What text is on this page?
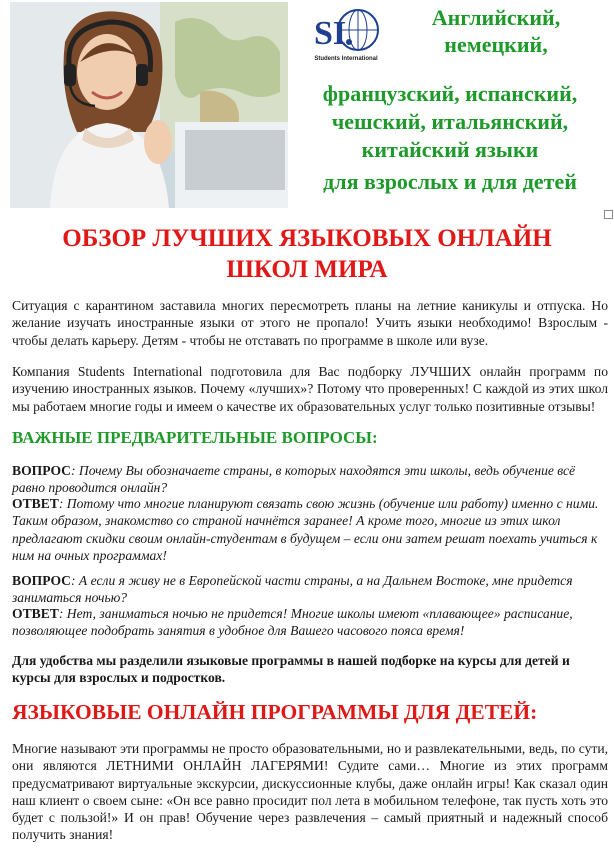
SI
Students International
Английский,
немецкий,
французский, испанский,
чешский, итальянский,
китайский языки
для взрослых и для детей
ОБЗОР ЛУЧШИХ ЯЗЫКОВЫХ ОНЛАЙН
ШКОЛ МИРА
Ситуация с карантином заставила многих пересмотреть планы на летние каникулы и отпуска. Но желание изучать иностранные языки от этого не пропало! Учить языки необходимо! Взрослым - чтобы делать карьеру. Детям - чтобы не отставать по программе в школе или вузе.
Компания Students International подготовила для Вас подборку ЛУЧШИХ онлайн программ по изучению иностранных языков. Почему «лучших»? Потому что проверенных! С каждой из этих школ мы работаем многие годы и имеем о качестве их образовательных услуг только позитивные отзывы!
ВАЖНЫЕ ПРЕДВАРИТЕЛЬНЫЕ ВОПРОСЫ:
ВОПРОС: Почему Вы обозначаете страны, в которых находятся эти школы, ведь обучение всё равно проводится онлайн?
ОТВЕТ: Потому что многие планируют связать свою жизнь (обучение или работу) именно с ними. Таким образом, знакомство со страной начнётся заранее! А кроме того, многие из этих школ предлагают скидки своим онлайн-студентам в будущем – если они затем решат поехать учиться к ним на очных программах!
ВОПРОС: А если я живу не в Европейской части страны, а на Дальнем Востоке, мне придется заниматься ночью?
ОТВЕТ: Нет, заниматься ночью не придется! Многие школы имеют «плавающее» расписание, позволяющее подобрать занятия в удобное для Вашего часового пояса время!
Для удобства мы разделили языковые программы в нашей подборке на курсы для детей и курсы для взрослых и подростков.
ЯЗЫКОВЫЕ ОНЛАЙН ПРОГРАММЫ ДЛЯ ДЕТЕЙ:
Многие называют эти программы не просто образовательными, но и развлекательными, ведь, по сути, они являются ЛЕТНИМИ ОНЛАЙН ЛАГЕРЯМИ! Судите сами… Многие из этих программ предусматривают виртуальные экскурсии, дискуссионные клубы, даже онлайн игры! Как сказал один наш клиент о своем сыне: «Он все равно просидит пол лета в мобильном телефоне, так пусть хоть это будет с пользой!» И он прав! Обучение через развлечения – самый приятный и надежный способ получить знания!
